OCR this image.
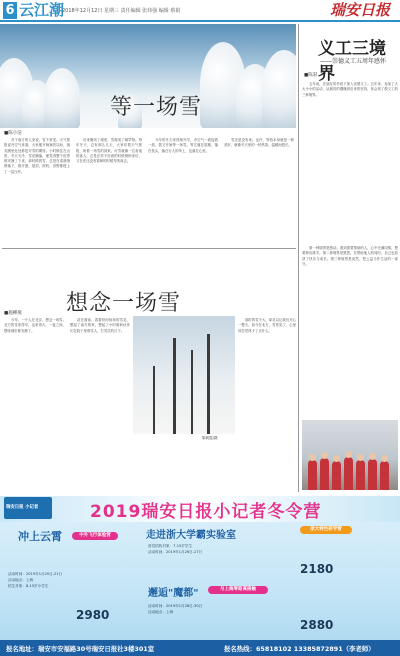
6 云江潮
2018年12月12日 星期三 责任编辑 张炜强 编辑 蔡娟	瑞安日报
等一场雪
■陈小洁

对于南方的人来说，雪不常见。天气预报说冷空气来袭，大家便开始翘首以盼，朋友圈里处处都是对雪的期待。小时候住在山里，冬天天冷，雪花飘落，便觉得整个世界都安静了下来。那时候的雪，总是在清晨悄悄落下，推开窗，屋顶、树枝、田野都披上了一层白纱。

后来搬到了城里，雪便成了稀罕物。每年冬天，总有那么几天，大家盯着天气预报，盼着一场雪的到来。可雪就像一位害羞的客人，总是在你不经意的时候悄悄来访，又在你还没有看够的时候匆匆离去。

今年的冬天来得格外早，冷空气一波接着一波，我又开始等一场雪。等它落在屋檐，落在枝头，落在行人的伞上，也落在心里。

雪还是没有来。也许，等待本身就是一种美好，就像冬天里的一杯热茶，温暖而悠长。

想念一场雪
■施柳燕

今年，一个人在北京，想念一场雪。北方的雪来得早，也来得大，一夜之间，整座城市都安静了。

站在窗前，看着纷纷扬扬的雪花，想起了南方的家，想起了小时候和伙伴们在院子里堆雪人、打雪仗的日子。

陈莉霞/摄

那时的雪不大，却足以让我们开心一整天。如今在北方，雪常见了，心里却总觉得少了点什么。

义工三境界
——崇德义工五周年感怀
■陈彩

五年前，在朋友的介绍下加入崇德义工。五年来，参加了大大小小的活动，从最初的懵懂到后来的坚持，体会到了做义工的三种境界。

第一种境界是感动。看到需要帮助的人，心中充满同情，想要伸出援手。第二种境界是感恩。在帮助他人的同时，自己也收获了快乐与成长。第三种境界是淡然，把公益当作生活的一部分。

瑞安日报 小记者	2019瑞安日报小记者冬令营
冲上云霄	中外飞行体验营
活动时间：2019年1月20日-21日
活动地点：上海
招生对象：8-15岁小学生
2980
走进浙大学霸实验室
浙大特色研学营
营员招收对象：7-15岁学生
活动时间：2019年1月26日-27日
2180
邂逅"魔都"	与上海零距离接触
活动时间：2019年1月28日-30日
活动地点：上海
2880
报名地址：瑞安市安福路30号瑞安日报社3楼301室	报名热线：65818102 13385872891（李老师）
